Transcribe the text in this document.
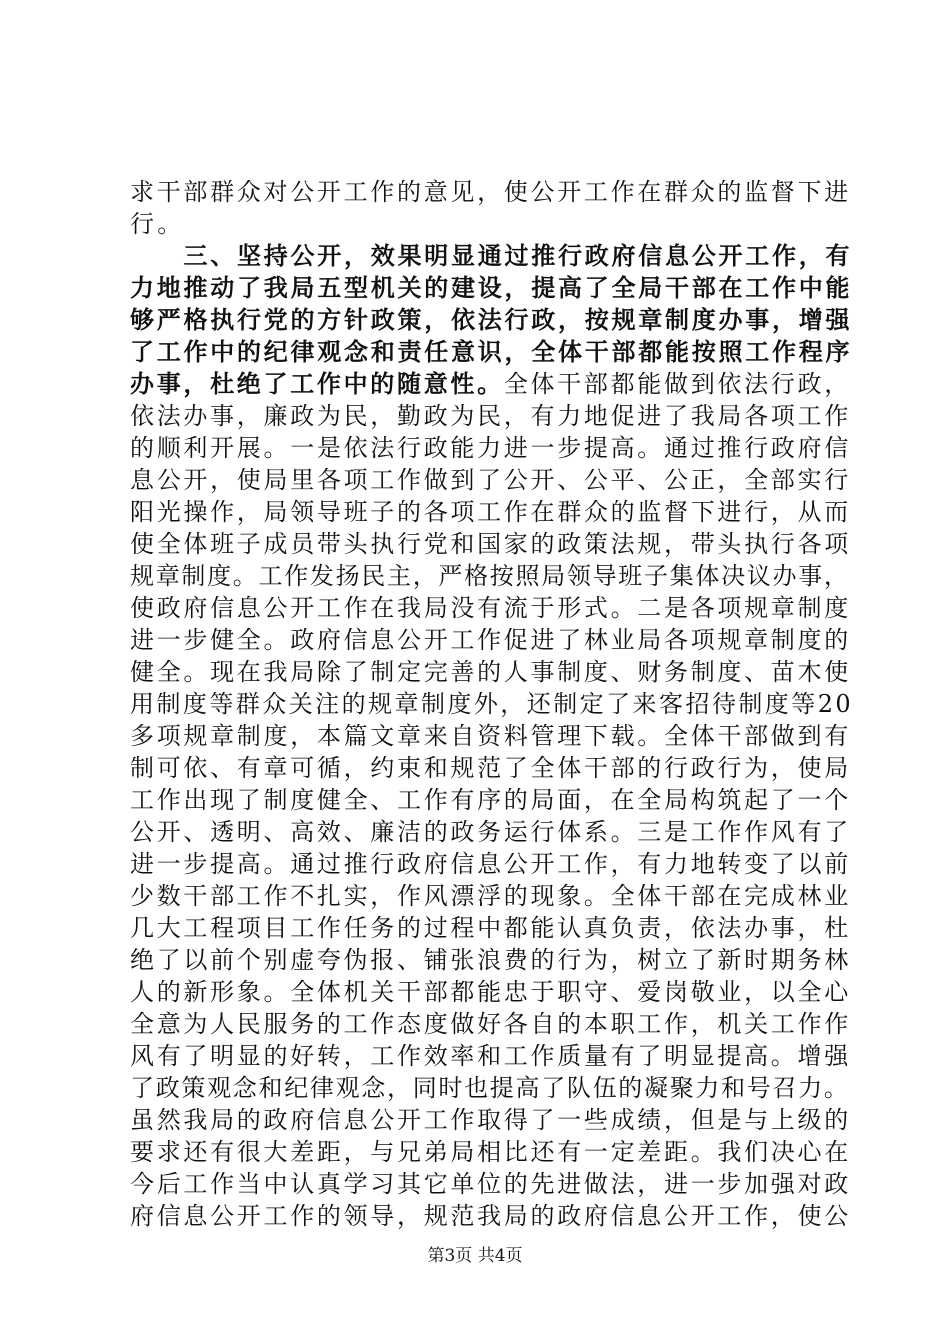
求干部群众对公开工作的意见，使公开工作在群众的监督下进
行。
　　三、坚持公开，效果明显通过推行政府信息公开工作，有
力地推动了我局五型机关的建设，提高了全局干部在工作中能
够严格执行党的方针政策，依法行政，按规章制度办事，增强
了工作中的纪律观念和责任意识，全体干部都能按照工作程序
办事，杜绝了工作中的随意性。全体干部都能做到依法行政，
依法办事，廉政为民，勤政为民，有力地促进了我局各项工作
的顺利开展。一是依法行政能力进一步提高。通过推行政府信
息公开，使局里各项工作做到了公开、公平、公正，全部实行
阳光操作，局领导班子的各项工作在群众的监督下进行，从而
使全体班子成员带头执行党和国家的政策法规，带头执行各项
规章制度。工作发扬民主，严格按照局领导班子集体决议办事，
使政府信息公开工作在我局没有流于形式。二是各项规章制度
进一步健全。政府信息公开工作促进了林业局各项规章制度的
健全。现在我局除了制定完善的人事制度、财务制度、苗木使
用制度等群众关注的规章制度外，还制定了来客招待制度等20
多项规章制度，本篇文章来自资料管理下载。全体干部做到有
制可依、有章可循，约束和规范了全体干部的行政行为，使局
工作出现了制度健全、工作有序的局面，在全局构筑起了一个
公开、透明、高效、廉洁的政务运行体系。三是工作作风有了
进一步提高。通过推行政府信息公开工作，有力地转变了以前
少数干部工作不扎实，作风漂浮的现象。全体干部在完成林业
几大工程项目工作任务的过程中都能认真负责，依法办事，杜
绝了以前个别虚夸伪报、铺张浪费的行为，树立了新时期务林
人的新形象。全体机关干部都能忠于职守、爱岗敬业，以全心
全意为人民服务的工作态度做好各自的本职工作，机关工作作
风有了明显的好转，工作效率和工作质量有了明显提高。增强
了政策观念和纪律观念，同时也提高了队伍的凝聚力和号召力。
虽然我局的政府信息公开工作取得了一些成绩，但是与上级的
要求还有很大差距，与兄弟局相比还有一定差距。我们决心在
今后工作当中认真学习其它单位的先进做法，进一步加强对政
府信息公开工作的领导，规范我局的政府信息公开工作，使公
第3页 共4页
